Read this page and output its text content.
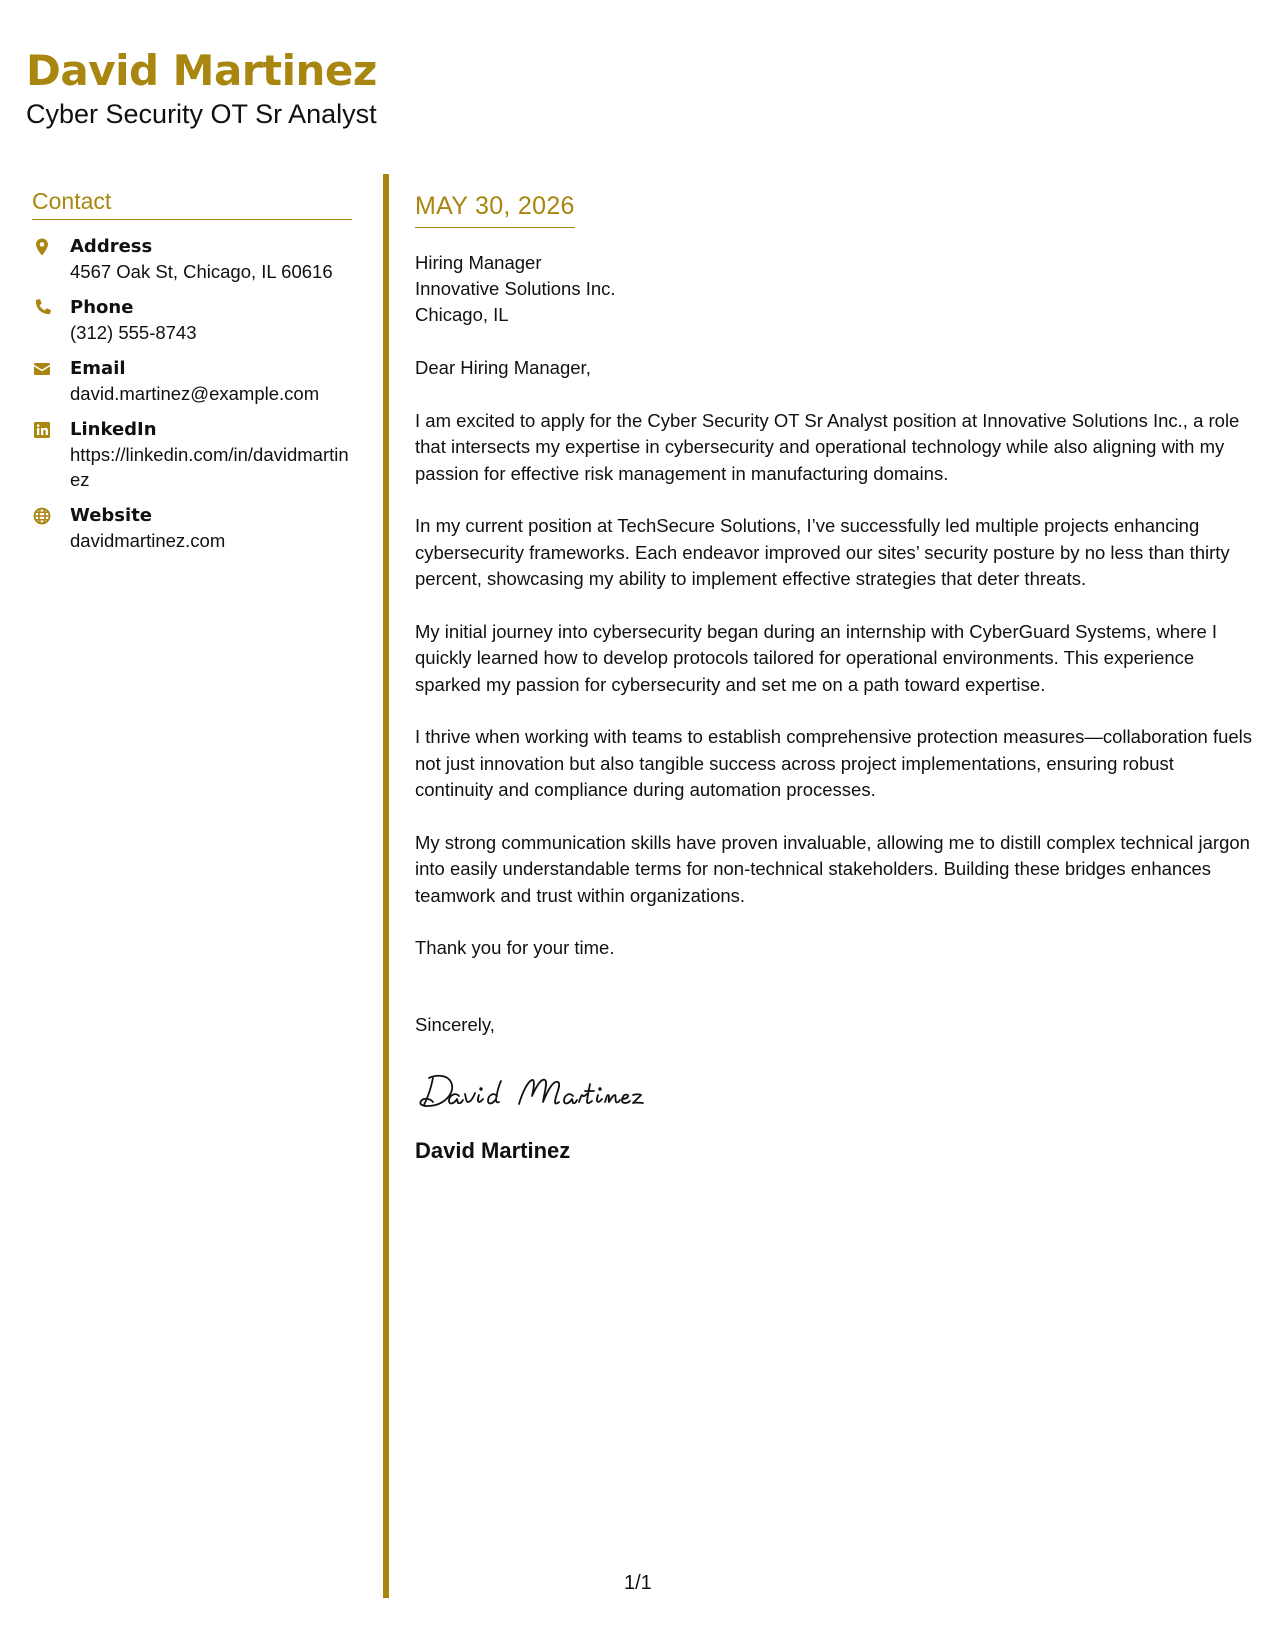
David Martinez
Cyber Security OT Sr Analyst
Contact
Address
4567 Oak St, Chicago, IL 60616
Phone
(312) 555-8743
Email
david.martinez@example.com
LinkedIn
https://linkedin.com/in/davidmartinez
Website
davidmartinez.com
MAY 30, 2026
Hiring Manager
Innovative Solutions Inc.
Chicago, IL

Dear Hiring Manager,

I am excited to apply for the Cyber Security OT Sr Analyst position at Innovative Solutions Inc., a role that intersects my expertise in cybersecurity and operational technology while also aligning with my passion for effective risk management in manufacturing domains.

In my current position at TechSecure Solutions, I’ve successfully led multiple projects enhancing cybersecurity frameworks. Each endeavor improved our sites’ security posture by no less than thirty percent, showcasing my ability to implement effective strategies that deter threats.

My initial journey into cybersecurity began during an internship with CyberGuard Systems, where I quickly learned how to develop protocols tailored for operational environments. This experience sparked my passion for cybersecurity and set me on a path toward expertise.

I thrive when working with teams to establish comprehensive protection measures—collaboration fuels not just innovation but also tangible success across project implementations, ensuring robust continuity and compliance during automation processes.

My strong communication skills have proven invaluable, allowing me to distill complex technical jargon into easily understandable terms for non-technical stakeholders. Building these bridges enhances teamwork and trust within organizations.

Thank you for your time.

Sincerely,
David Martinez
1/1
